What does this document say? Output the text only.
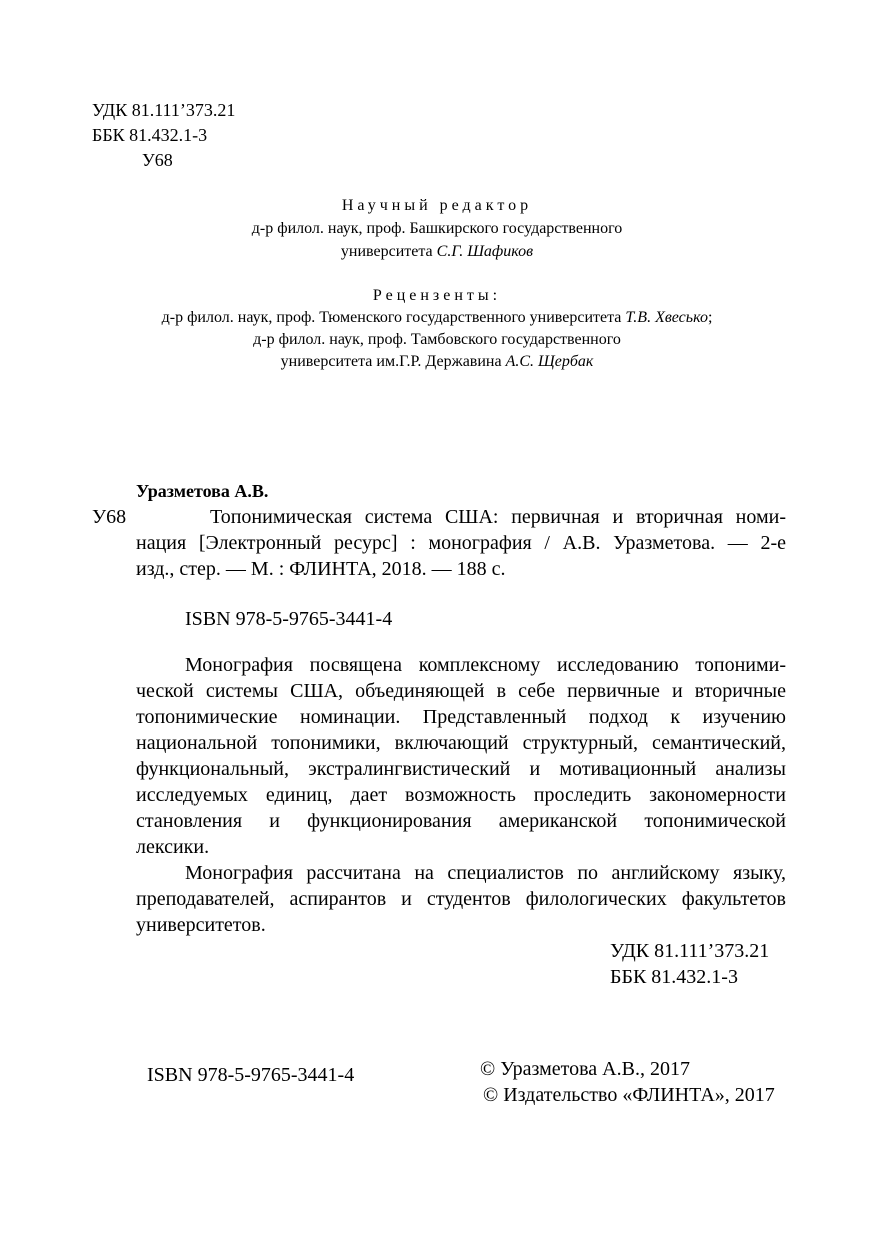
УДК 81.111’373.21
ББК 81.432.1-3
У68
Научный редактор
д-р филол. наук, проф. Башкирского государственного
университета С.Г. Шафиков
Рецензенты:
д-р филол. наук, проф. Тюменского государственного университета Т.В. Хвесько;
д-р филол. наук, проф. Тамбовского государственного
университета им.Г.Р. Державина А.С. Щербак
Уразметова А.В.
У68	Топонимическая система США: первичная и вторичная номи-
нация [Электронный ресурс] : монография / А.В. Уразметова. — 2-е
изд., стер. — М. : ФЛИНТА, 2018. — 188 с.
ISBN 978-5-9765-3441-4
Монография посвящена комплексному исследованию топоними-
ческой системы США, объединяющей в себе первичные и вторичные
топонимические номинации. Представленный подход к изучению
национальной топонимики, включающий структурный, семантический,
функциональный, экстралингвистический и мотивационный анализы
исследуемых единиц, дает возможность проследить закономерности
становления и функционирования американской топонимической
лексики.
Монография рассчитана на специалистов по английскому языку,
преподавателей, аспирантов и студентов филологических факультетов
университетов.
УДК 81.111’373.21
ББК 81.432.1-3
ISBN 978-5-9765-3441-4	© Уразметова А.В., 2017
© Издательство «ФЛИНТА», 2017
